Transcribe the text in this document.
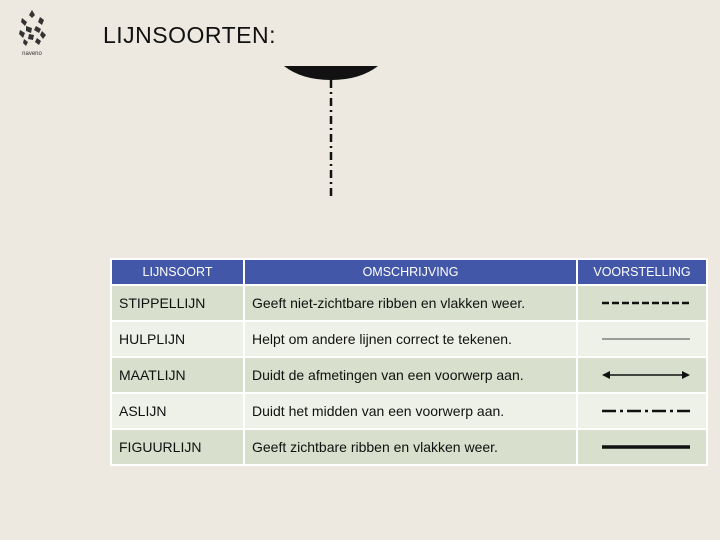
naveno
LIJNSOORTEN:
LIJNSOORT	OMSCHRIJVING	VOORSTELLING
STIPPELLIJN	Geeft niet-zichtbare ribben en vlakken weer.	

HULPLIJN	Helpt om andere lijnen correct te tekenen.	

MAATLIJN	Duidt de afmetingen van een voorwerp aan.	

ASLIJN	Duidt het midden van een voorwerp aan.	

FIGUURLIJN	Geeft zichtbare ribben en vlakken weer.	
